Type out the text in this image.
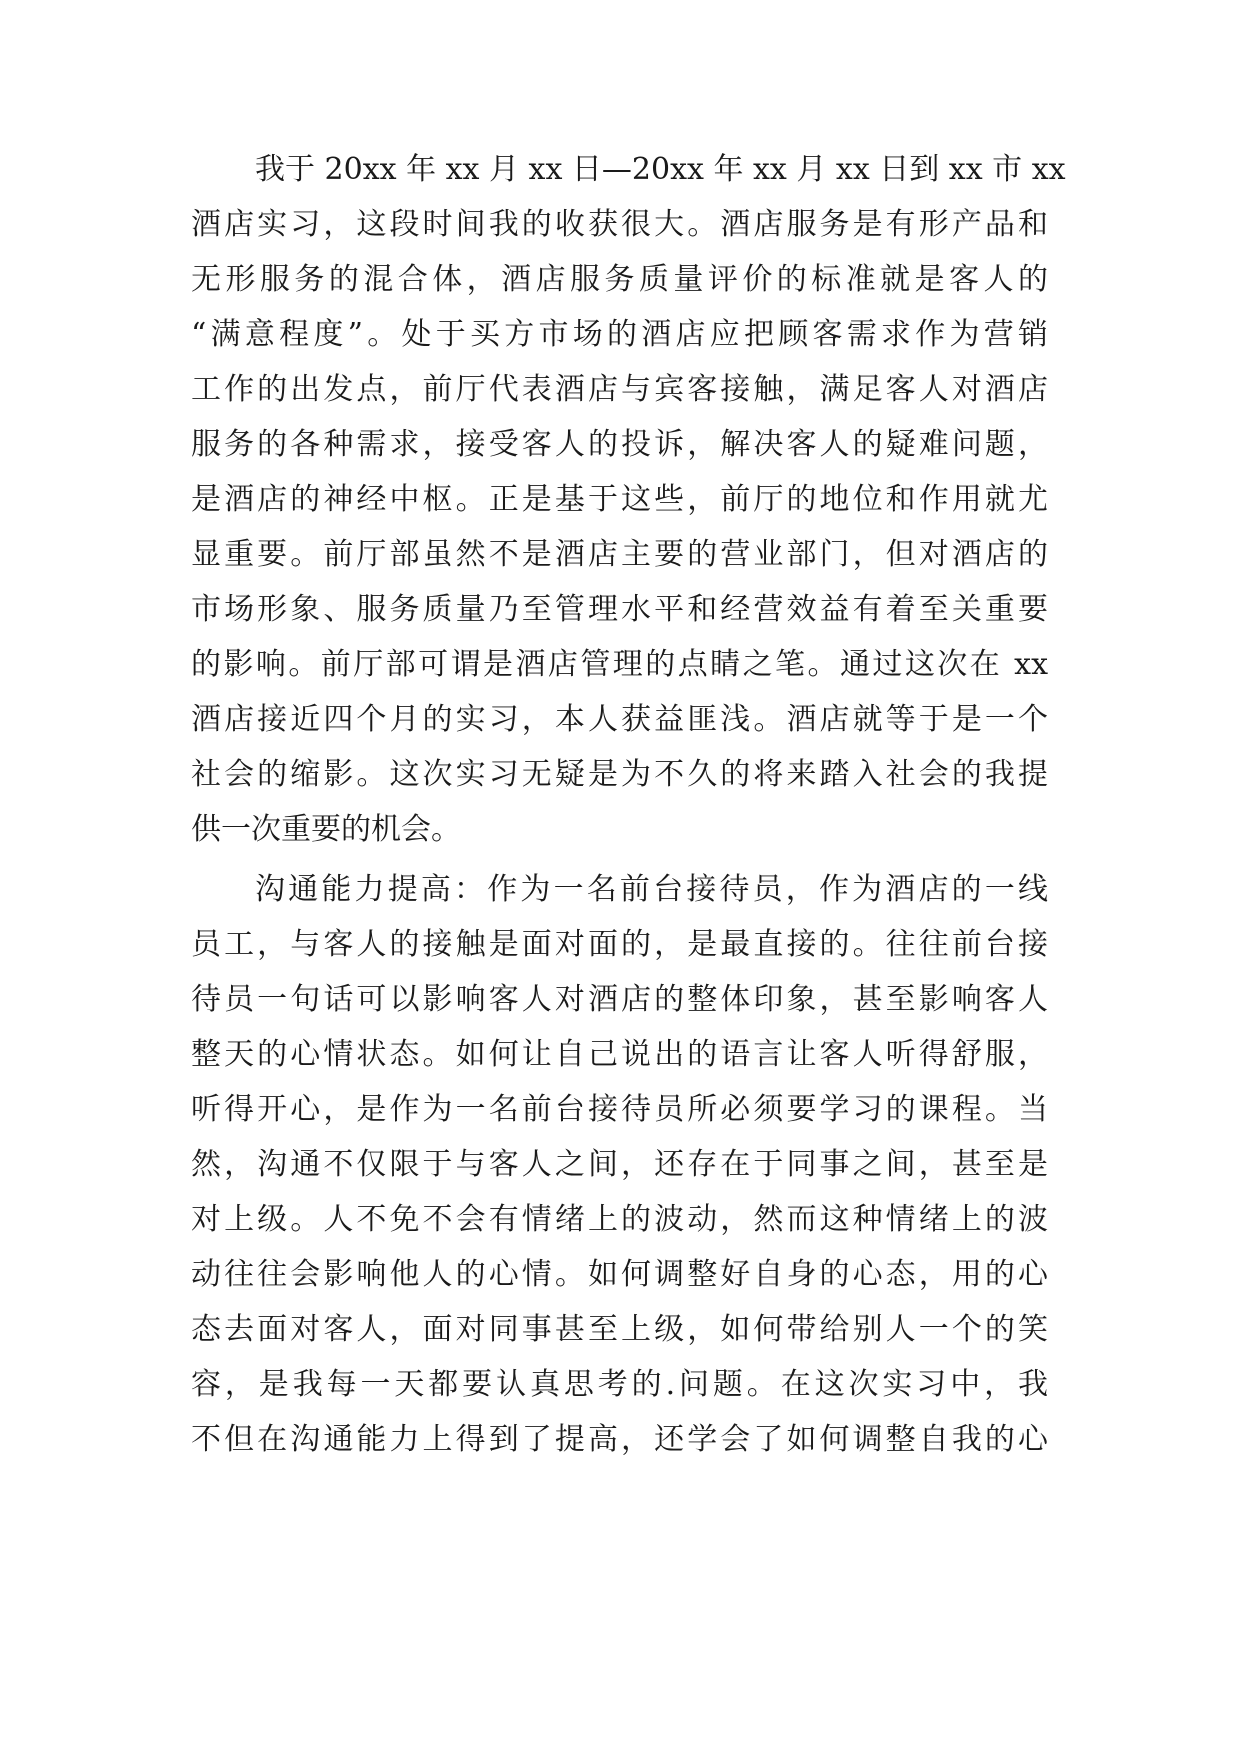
我于 20xx 年 xx 月 xx 日—20xx 年 xx 月 xx 日到 xx 市 xx
酒店实习，这段时间我的收获很大。酒店服务是有形产品和
无形服务的混合体，酒店服务质量评价的标准就是客人的
“满意程度”。处于买方市场的酒店应把顾客需求作为营销
工作的出发点，前厅代表酒店与宾客接触，满足客人对酒店
服务的各种需求，接受客人的投诉，解决客人的疑难问题，
是酒店的神经中枢。正是基于这些，前厅的地位和作用就尤
显重要。前厅部虽然不是酒店主要的营业部门，但对酒店的
市场形象、服务质量乃至管理水平和经营效益有着至关重要
的影响。前厅部可谓是酒店管理的点睛之笔。通过这次在 xx
酒店接近四个月的实习，本人获益匪浅。酒店就等于是一个
社会的缩影。这次实习无疑是为不久的将来踏入社会的我提
供一次重要的机会。
沟通能力提高：作为一名前台接待员，作为酒店的一线
员工，与客人的接触是面对面的，是最直接的。往往前台接
待员一句话可以影响客人对酒店的整体印象，甚至影响客人
整天的心情状态。如何让自己说出的语言让客人听得舒服，
听得开心，是作为一名前台接待员所必须要学习的课程。当
然，沟通不仅限于与客人之间，还存在于同事之间，甚至是
对上级。人不免不会有情绪上的波动，然而这种情绪上的波
动往往会影响他人的心情。如何调整好自身的心态，用的心
态去面对客人，面对同事甚至上级，如何带给别人一个的笑
容，是我每一天都要认真思考的.问题。在这次实习中，我
不但在沟通能力上得到了提高，还学会了如何调整自我的心
